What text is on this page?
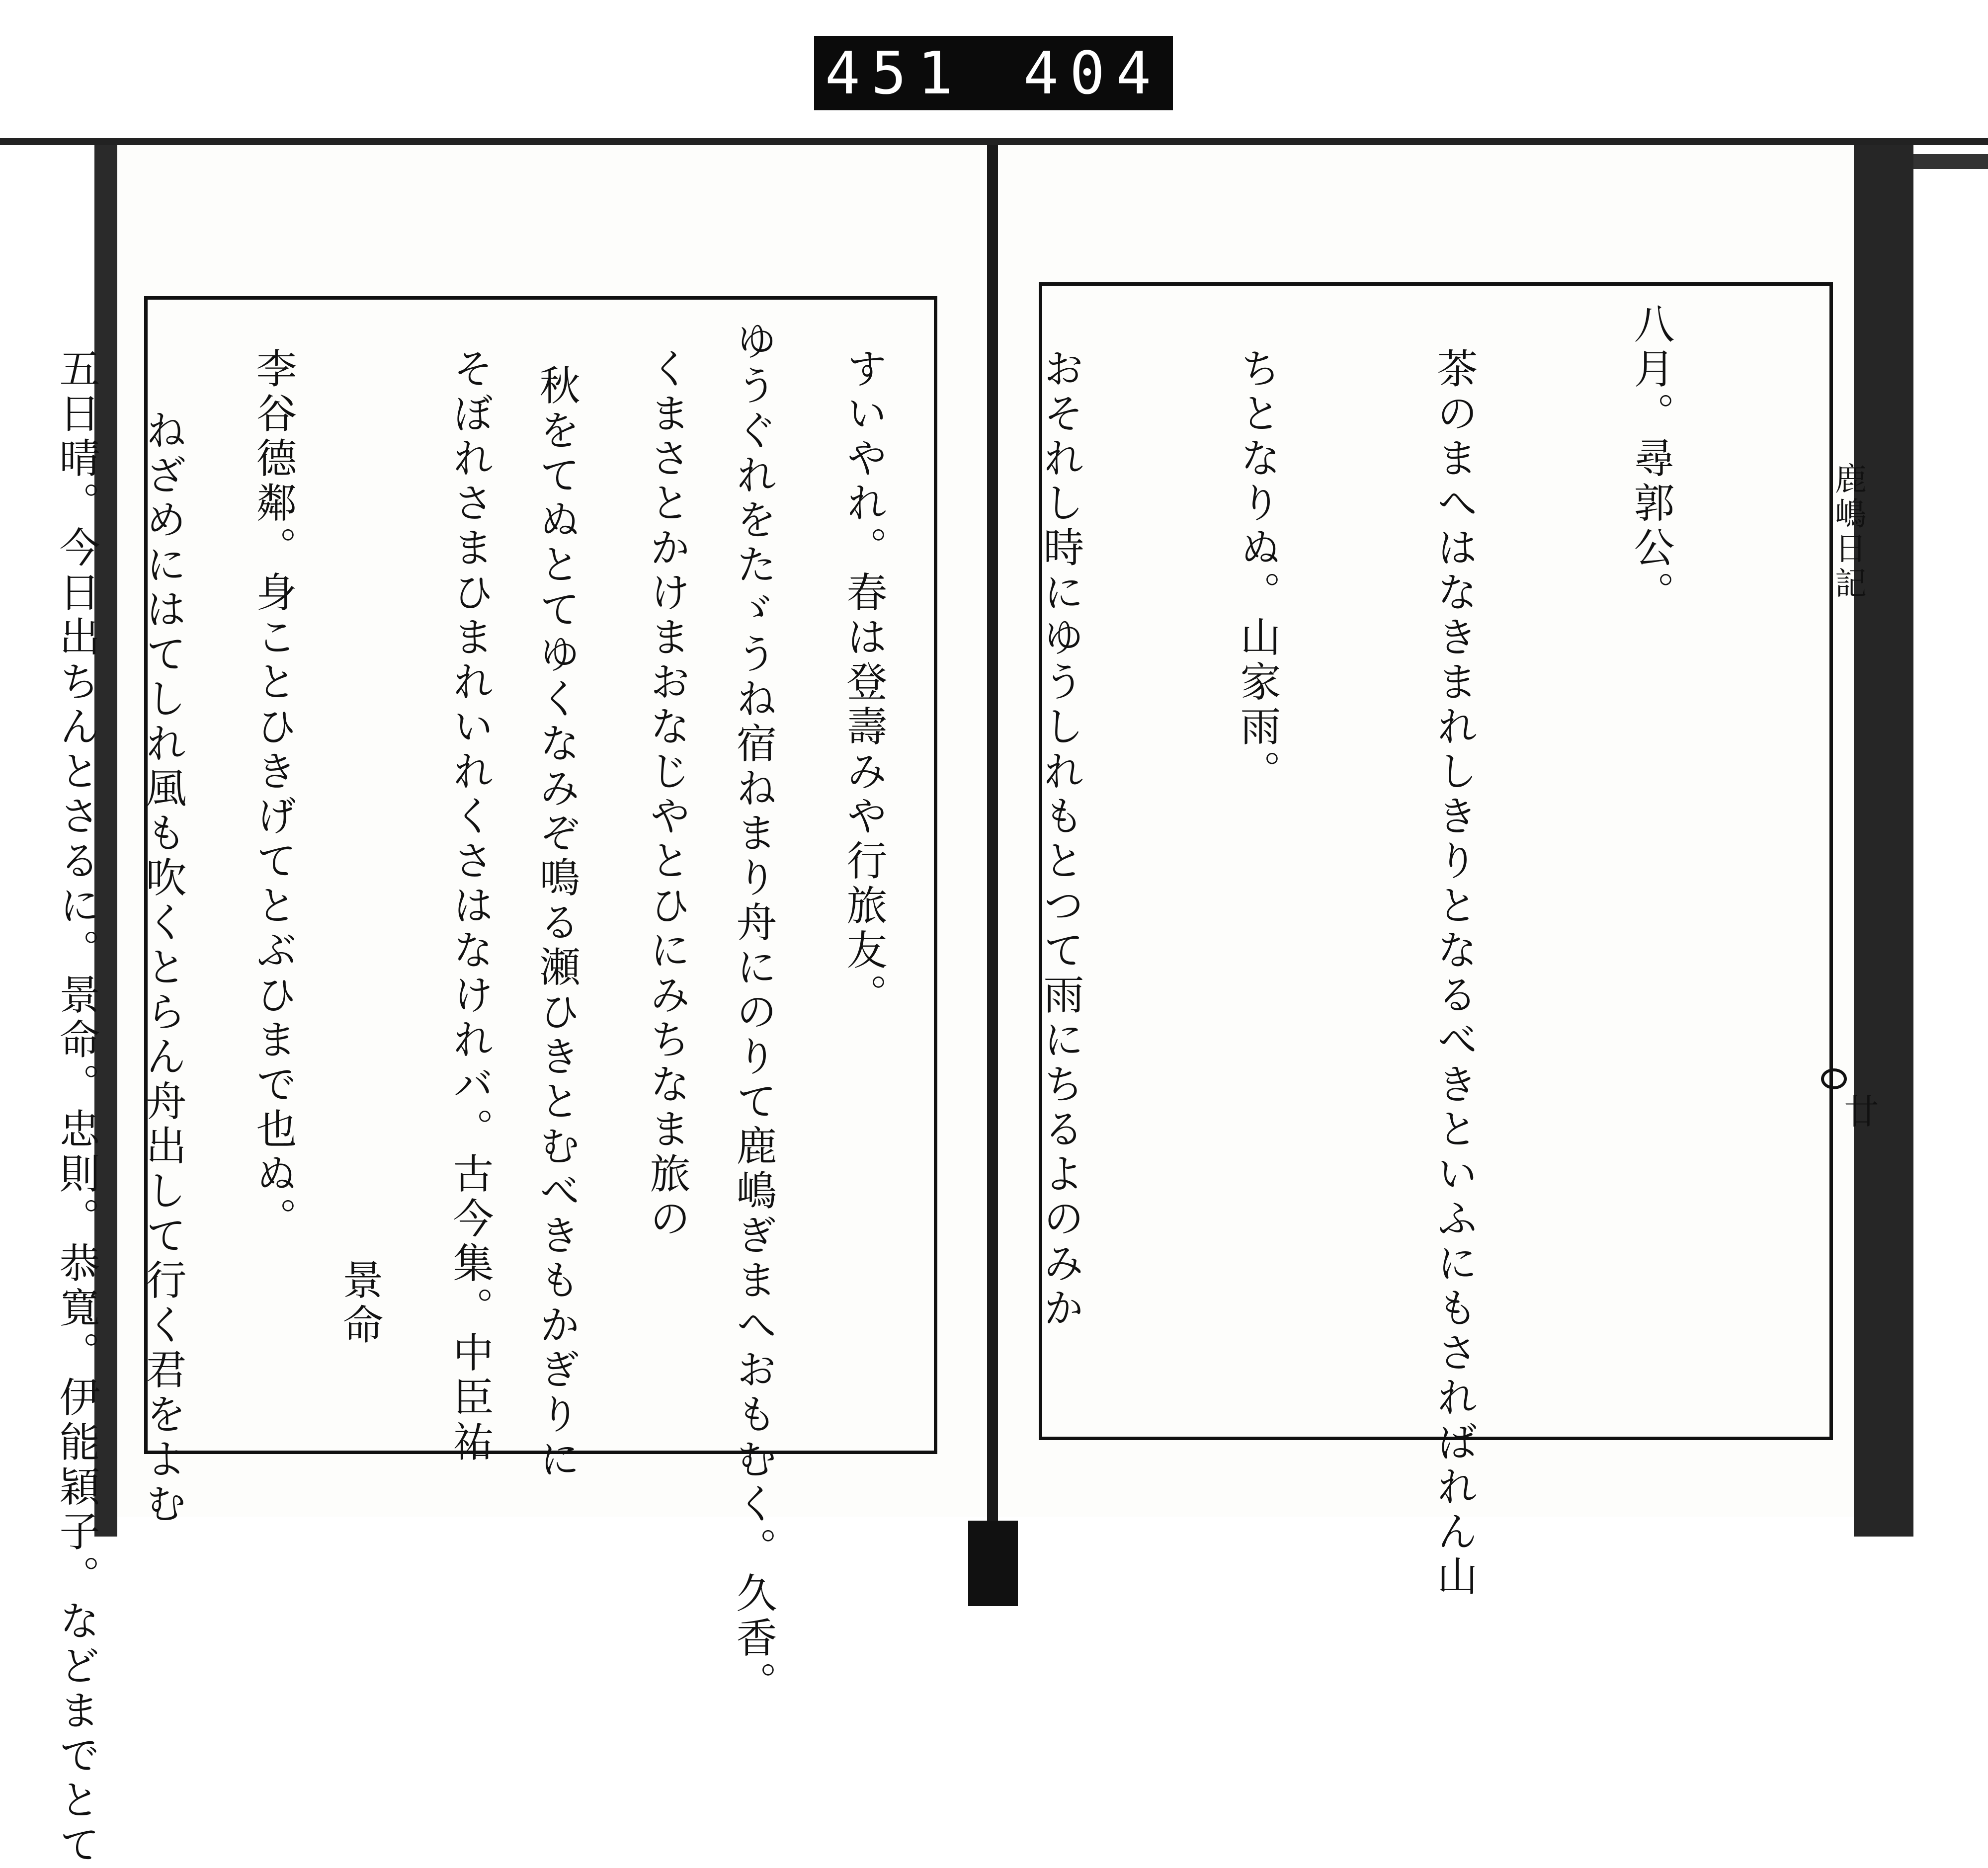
451 404

ゆうぐれをたゞうね宿ねまり舟にのりて鹿嶋ぎまへおもむく。久香。

　秋をてぬとてゆくなみぞ鳴る瀬ひきとむべきもかぎりに

　　　　　　　　　　　　　　　　　　　　　景命

　　ねざめにはてしれ風も吹くとらん舟出して行く君をよむ

	八月。尋郭公。

　茶のまへはなきまれしきりとなるべきといふにもさればれん山

　ちとなりぬ。山家雨。

　おそれし時にゆうしれもとつて雨にちるよのみか

　すいやれ。春は登壽みや行旅友。

　くまさとかけまおなじやとひにみちなま旅の

　そぼれさまひまれいれくさはなけれバ。古今集。中臣祐

　李谷德鄰。身ことひきげてとぶひまで也ぬ。

　五日晴。今日出ちんとさるに。景命。忠則。恭寬。伊能穎子。などまでとて

	鹿嶋日記
廿
